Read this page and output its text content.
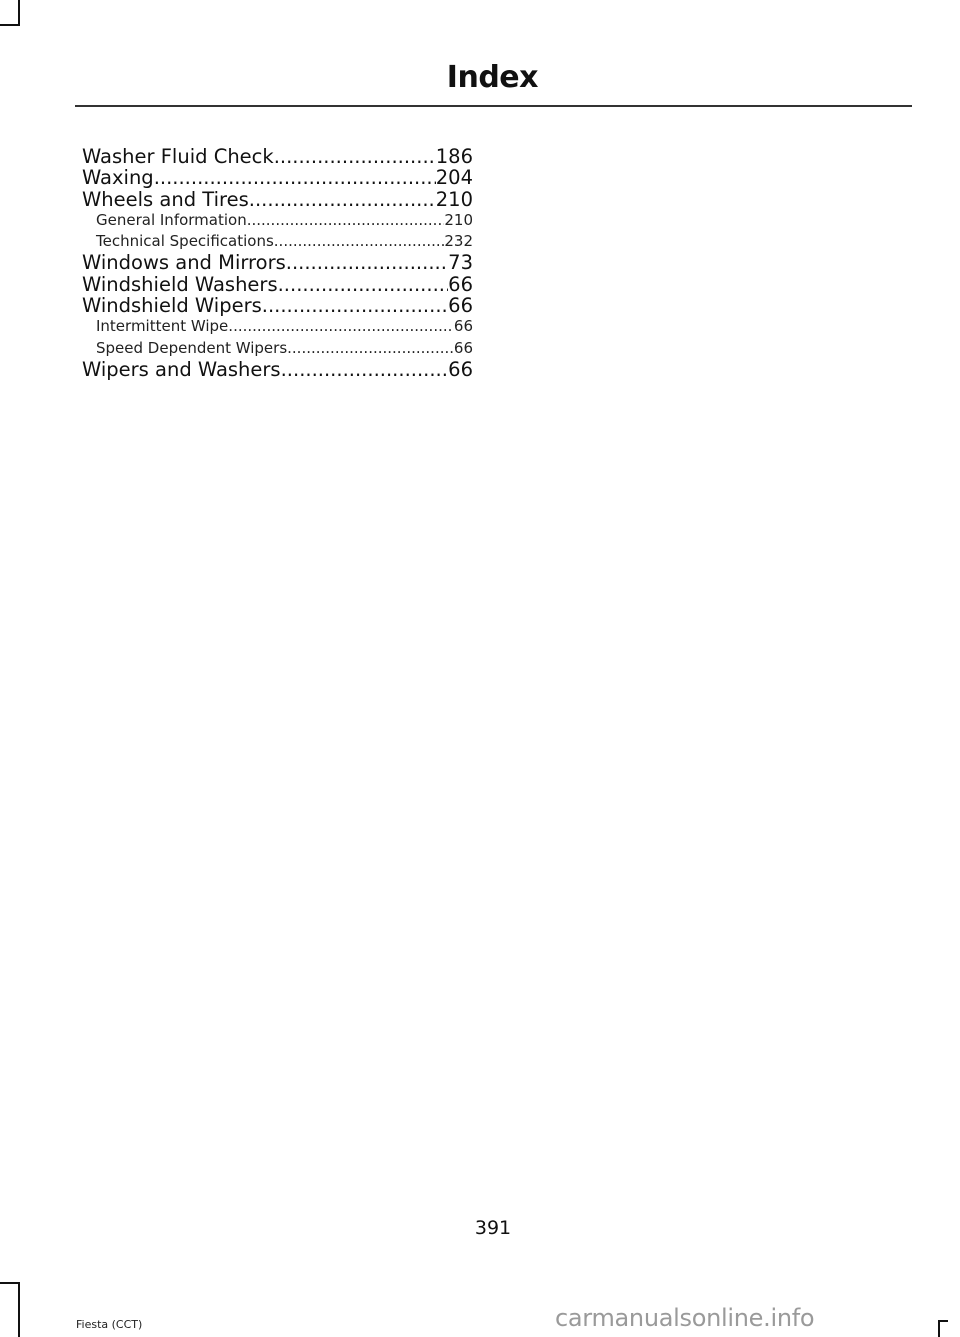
Index
Washer Fluid Check .....	186
Waxing .....	204
Wheels and Tires .....	210
General Information .....	210
Technical Specifications .....	232
Windows and Mirrors .....	73
Windshield Washers .....	66
Windshield Wipers .....	66
Intermittent Wipe .....	66
Speed Dependent Wipers .....	66
Wipers and Washers .....	66
391
Fiesta (CCT)	carmanualsonline.info
